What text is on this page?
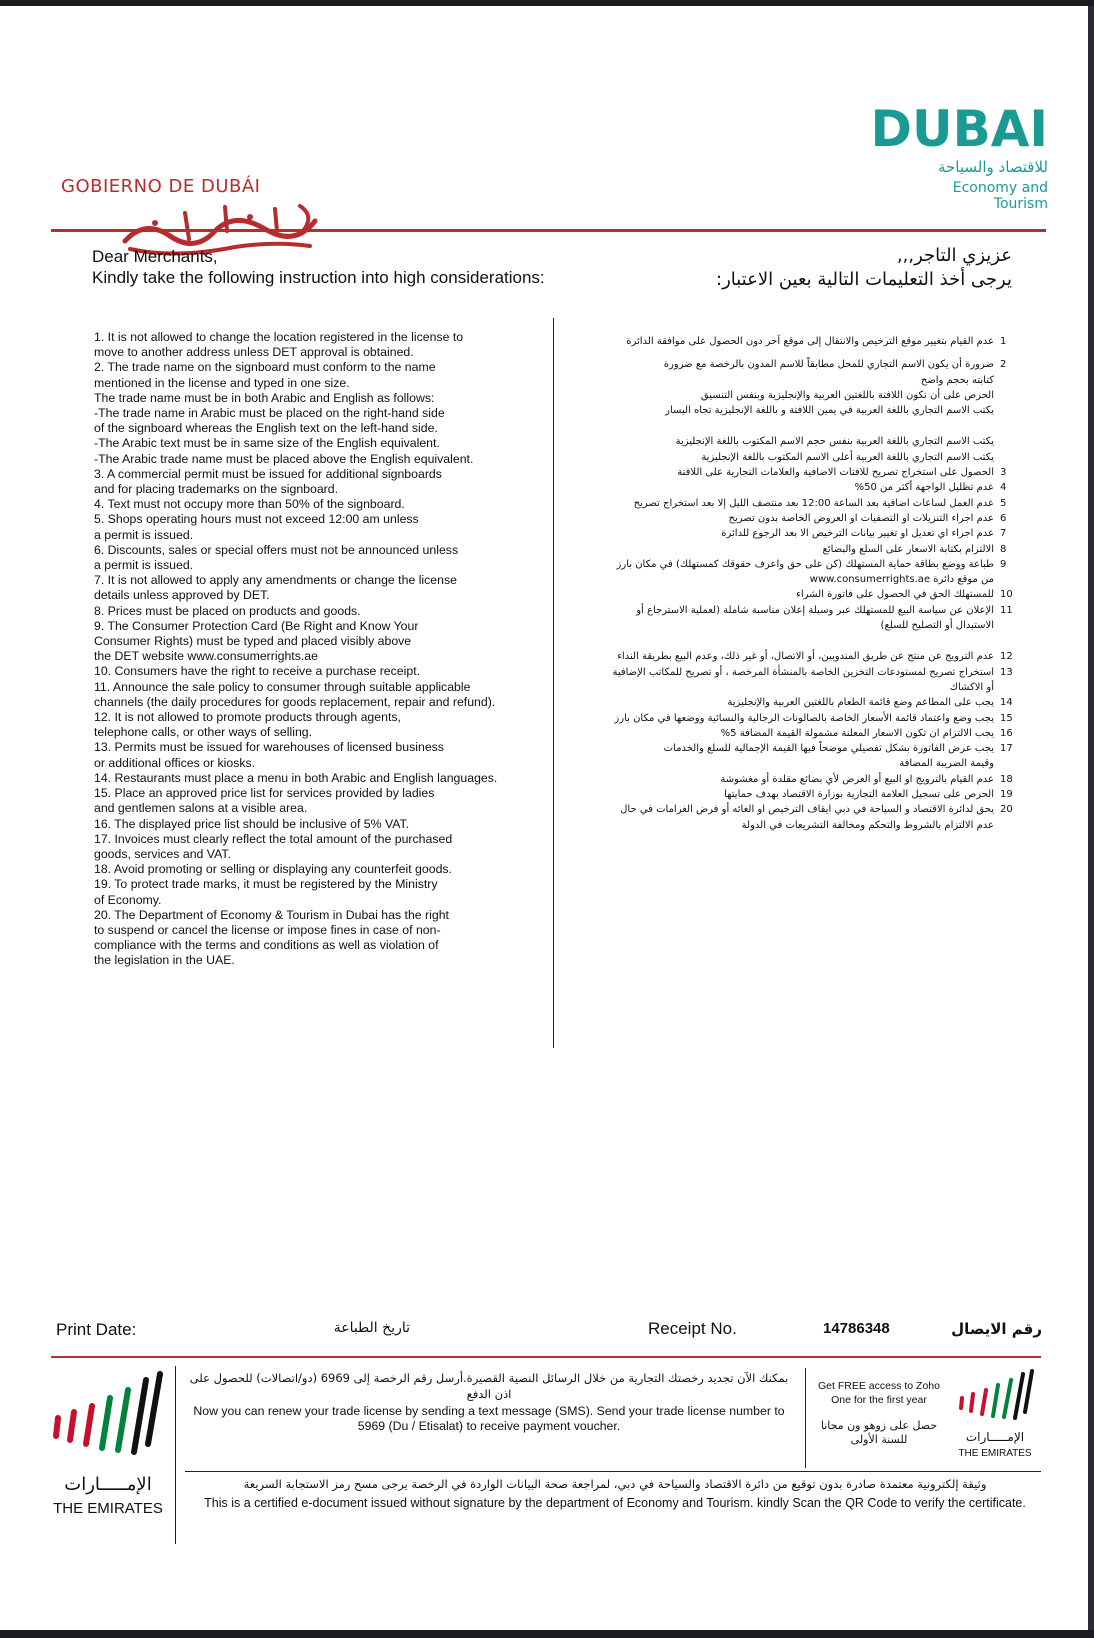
GOBIERNO DE DUBÁI
DUBAI
للاقتصاد والسياحة
Economy and Tourism
Dear Merchants,
Kindly take the following instruction into high considerations:
عزيزي التاجر,,,
يرجى أخذ التعليمات التالية بعين الاعتبار:
1. It is not allowed to change the location registered in the license to
move to another address unless DET approval is obtained.
2. The trade name on the signboard must conform to the name
mentioned in the license and typed in one size.
The trade name must be in both Arabic and English as follows:
-The trade name in Arabic must be placed on the right-hand side
of the signboard whereas the English text on the left-hand side.
-The Arabic text must be in same size of the English equivalent.
-The Arabic trade name must be placed above the English equivalent.
3. A commercial permit must be issued for additional signboards
and for placing trademarks on the signboard.
4. Text must not occupy more than 50% of the signboard.
5. Shops operating hours must not exceed 12:00 am unless
a permit is issued.
6. Discounts, sales or special offers must not be announced unless
a permit is issued.
7. It is not allowed to apply any amendments or change the license
details unless approved by DET.
8. Prices must be placed on products and goods.
9. The Consumer Protection Card (Be Right and Know Your
Consumer Rights) must be typed and placed visibly above
the DET website www.consumerrights.ae
10. Consumers have the right to receive a purchase receipt.
11. Announce the sale policy to consumer through suitable applicable
channels (the daily procedures for goods replacement, repair and refund).
12. It is not allowed to promote products through agents,
telephone calls, or other ways of selling.
13. Permits must be issued for warehouses of licensed business
or additional offices or kiosks.
14. Restaurants must place a menu in both Arabic and English languages.
15. Place an approved price list for services provided by ladies
and gentlemen salons at a visible area.
16. The displayed price list should be inclusive of 5% VAT.
17. Invoices must clearly reflect the total amount of the purchased
goods, services and VAT.
18. Avoid promoting or selling or displaying any counterfeit goods.
19. To protect trade marks, it must be registered by the Ministry
of Economy.
20. The Department of Economy & Tourism in Dubai has the right
to suspend or cancel the license or impose fines in case of non-
compliance with the terms and conditions as well as violation of
the legislation in the UAE.
1
عدم القيام بتغيير موقع الترخيص والانتقال إلى موقع آخر دون الحصول على موافقة الدائرة
2
ضرورة أن يكون الاسم التجاري للمحل مطابقاً للاسم المدون بالرخصة مع ضرورة
كتابته بحجم واضح
الحرص على أن تكون اللافتة باللغتين العربية والإنجليزية وبنفس التنسيق
يكتب الاسم التجاري باللغة العربية في يمين اللافتة و باللغة الإنجليزية تجاه اليسار
يكتب الاسم التجاري باللغة العربية بنفس حجم الاسم المكتوب باللغة الإنجليزية
يكتب الاسم التجاري باللغة العربية أعلى الاسم المكتوب باللغة الإنجليزية
3
الحصول على استخراج تصريح للافتات الاضافية والعلامات التجارية على اللافتة
4
عدم تظليل الواجهة أكثر من 50%
5
عدم العمل لساعات اضافية بعد الساعة 12:00 بعد منتصف الليل إلا بعد استخراج تصريح
6
عدم اجراء التنزيلات او التصفيات او العروض الخاصة بدون تصريح
7
عدم اجراء اي تعديل او تغيير بيانات الترخيص الا بعد الرجوع للدائرة
8
الالتزام بكتابة الاسعار على السلع والبضائع
9
طباعة ووضع بطاقة حماية المستهلك (كن على حق واعرف حقوقك كمستهلك) في مكان بارز
من موقع دائرة www.consumerrights.ae
10
للمستهلك الحق في الحصول على فاتورة الشراء
11
الإعلان عن سياسة البيع للمستهلك عبر وسيلة إعلان مناسبة شاملة (لعملية الاسترجاع أو
الاستبدال أو التصليح للسلع)
12
عدم الترويج عن منتج عن طريق المندوبين، أو الاتصال، أو غير ذلك، وعدم البيع بطريقة النداء
13
استخراج تصريح لمستودعات التخزين الخاصة بالمنشأة المرخصة ، أو تصريح للمكاتب الإضافية
أو الاكشاك
14
يجب على المطاعم وضع قائمة الطعام باللغتين العربية والإنجليزية
15
يجب وضع واعتماد قائمة الأسعار الخاصة بالصالونات الرجالية والنسائية ووضعها في مكان بارز
16
يجب الالتزام ان تكون الاسعار المعلنة مشمولة القيمة المضافة 5%
17
يجب عرض الفاتورة بشكل تفصيلي موضحاً فيها القيمة الإجمالية للسلع والخدمات
وقيمة الضريبة المضافة
18
عدم القيام بالترويج او البيع أو العرض لأي بضائع مقلدة أو مغشوشة
19
الحرص على تسجيل العلامة التجارية بوزارة الاقتصاد بهدف حمايتها
20
يحق لدائرة الاقتصاد و السياحة في دبي ايقاف الترخيص او الغائه أو فرض الغرامات في حال
عدم الالتزام بالشروط والتحكم ومخالفة التشريعات في الدولة
Print Date:	تاريخ الطباعة	Receipt No.	14786348	رقم الايصال
الإمـــــارات
THE EMIRATES
بمكنك الآن تجديد رخصتك التجارية من خلال الرسائل النصية القصيرة.أرسل رقم الرخصة إلى 6969 (دو/اتصالات) للحصول على اذن الدفع
Now you can renew your trade license by sending a text message (SMS). Send your trade license number to 5969 (Du / Etisalat) to receive payment voucher.
Get FREE access to Zoho One for the first year
حصل على زوهو ون مجانا للسنة الأولى	الإمـــــارات
THE EMIRATES
وثيقة إلكترونية معتمدة صادرة بدون توقيع من دائرة الاقتصاد والسياحة في دبي، لمراجعة صحة البيانات الواردة في الرخصة يرجى مسح رمز الاستجابة السريعة
This is a certified e-document issued without signature by the department of Economy and Tourism. kindly Scan the QR Code to verify the certificate.
